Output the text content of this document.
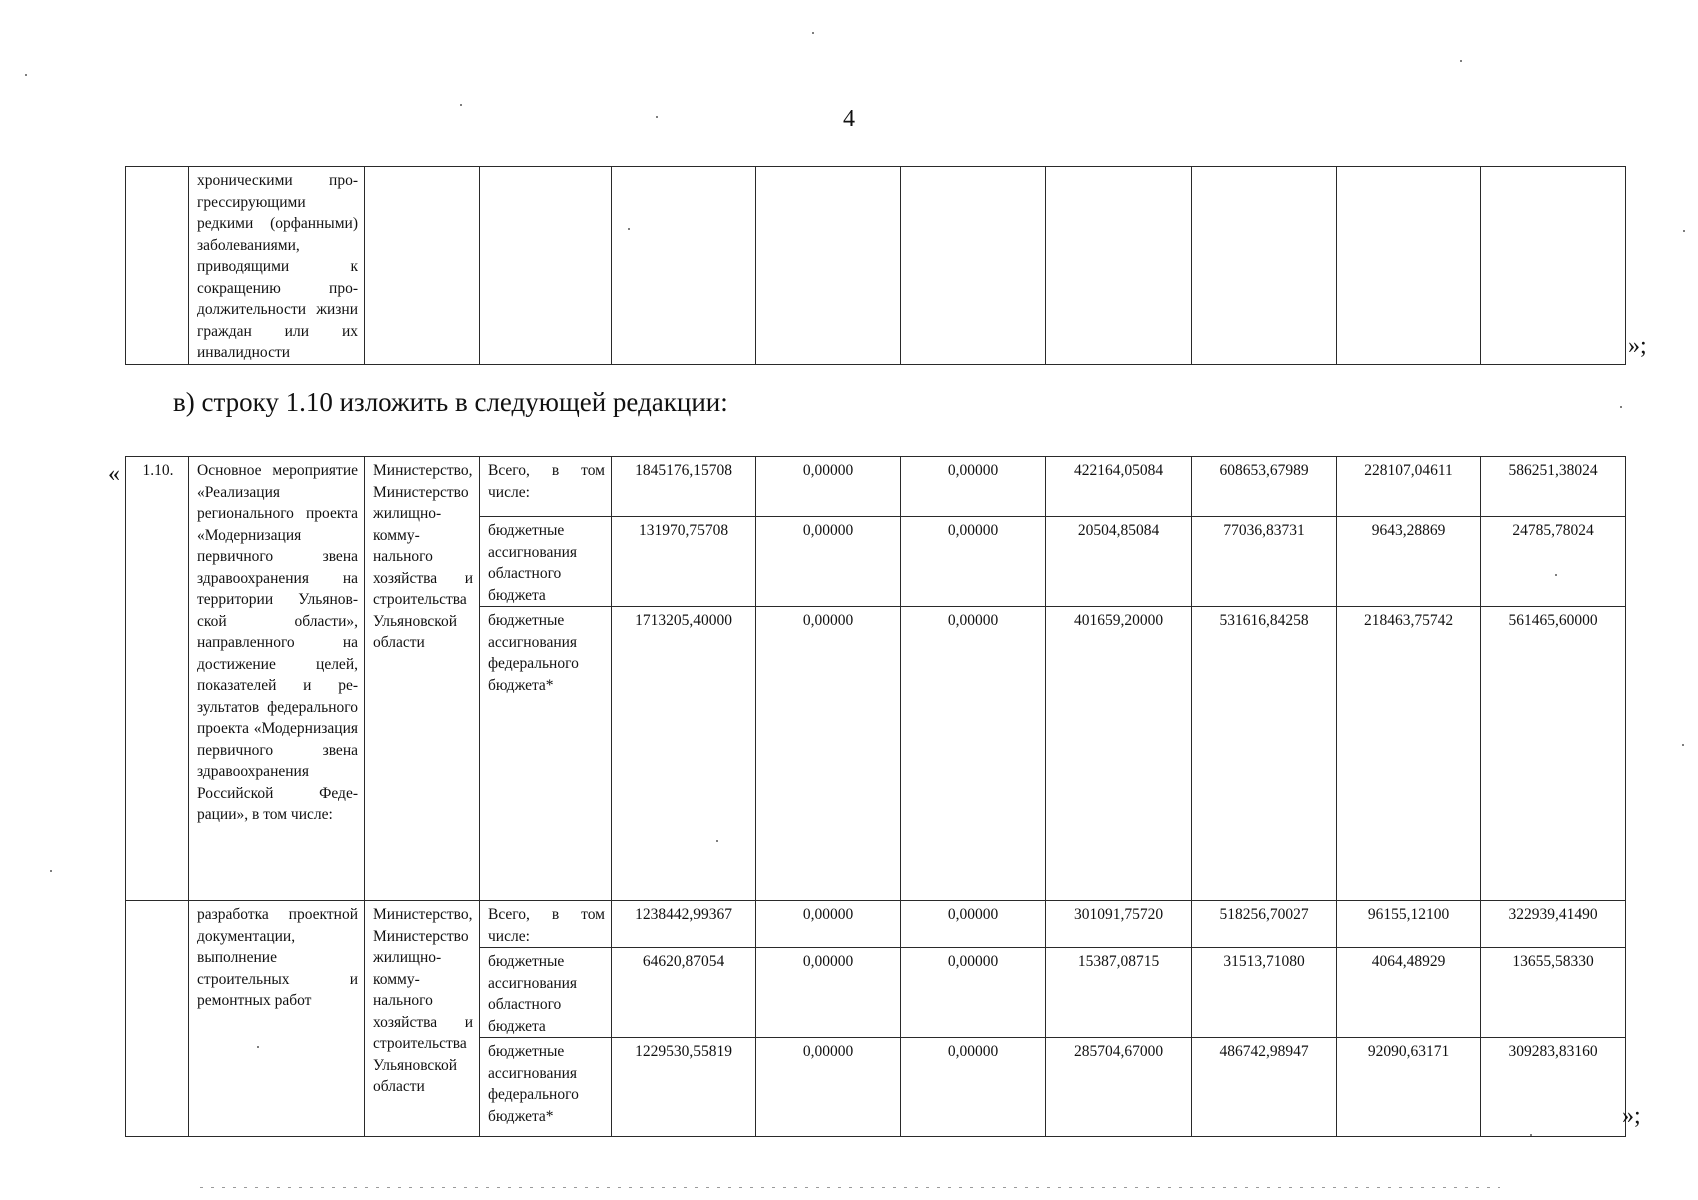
4
	хроническими прогрессирующими редкими (орфанными) заболеваниями, приводящими к сокращению продолжительности жизни граждан или их инвалидности										»;
в) строку 1.10 изложить в следующей редакции:
« 1.10.	Основное мероприятие «Реализация регионального проекта «Модернизация первичного звена здравоохранения на территории Ульяновской области», направленного на достижение целей, показателей и результатов федерального проекта «Модернизация первичного звена здравоохранения Российской Федерации», в том числе:	Министерство, Министерство жилищно-коммунального хозяйства и строительства Ульяновской области	Всего, в том числе:	1845176,15708	0,00000	0,00000	422164,05084	608653,67989	228107,04611	586251,38024
			бюджетные ассигнования областного бюджета	131970,75708	0,00000	0,00000	20504,85084	77036,83731	9643,28869	24785,78024
			бюджетные ассигнования федерального бюджета*	1713205,40000	0,00000	0,00000	401659,20000	531616,84258	218463,75742	561465,60000
	разработка проектной документации, выполнение строительных и ремонтных работ	Министерство, Министерство жилищно-коммунального хозяйства и строительства Ульяновской области	Всего, в том числе:	1238442,99367	0,00000	0,00000	301091,75720	518256,70027	96155,12100	322939,41490
			бюджетные ассигнования областного бюджета	64620,87054	0,00000	0,00000	15387,08715	31513,71080	4064,48929	13655,58330
			бюджетные ассигнования федерального бюджета*	1229530,55819	0,00000	0,00000	285704,67000	486742,98947	92090,63171	309283,83160
»;
